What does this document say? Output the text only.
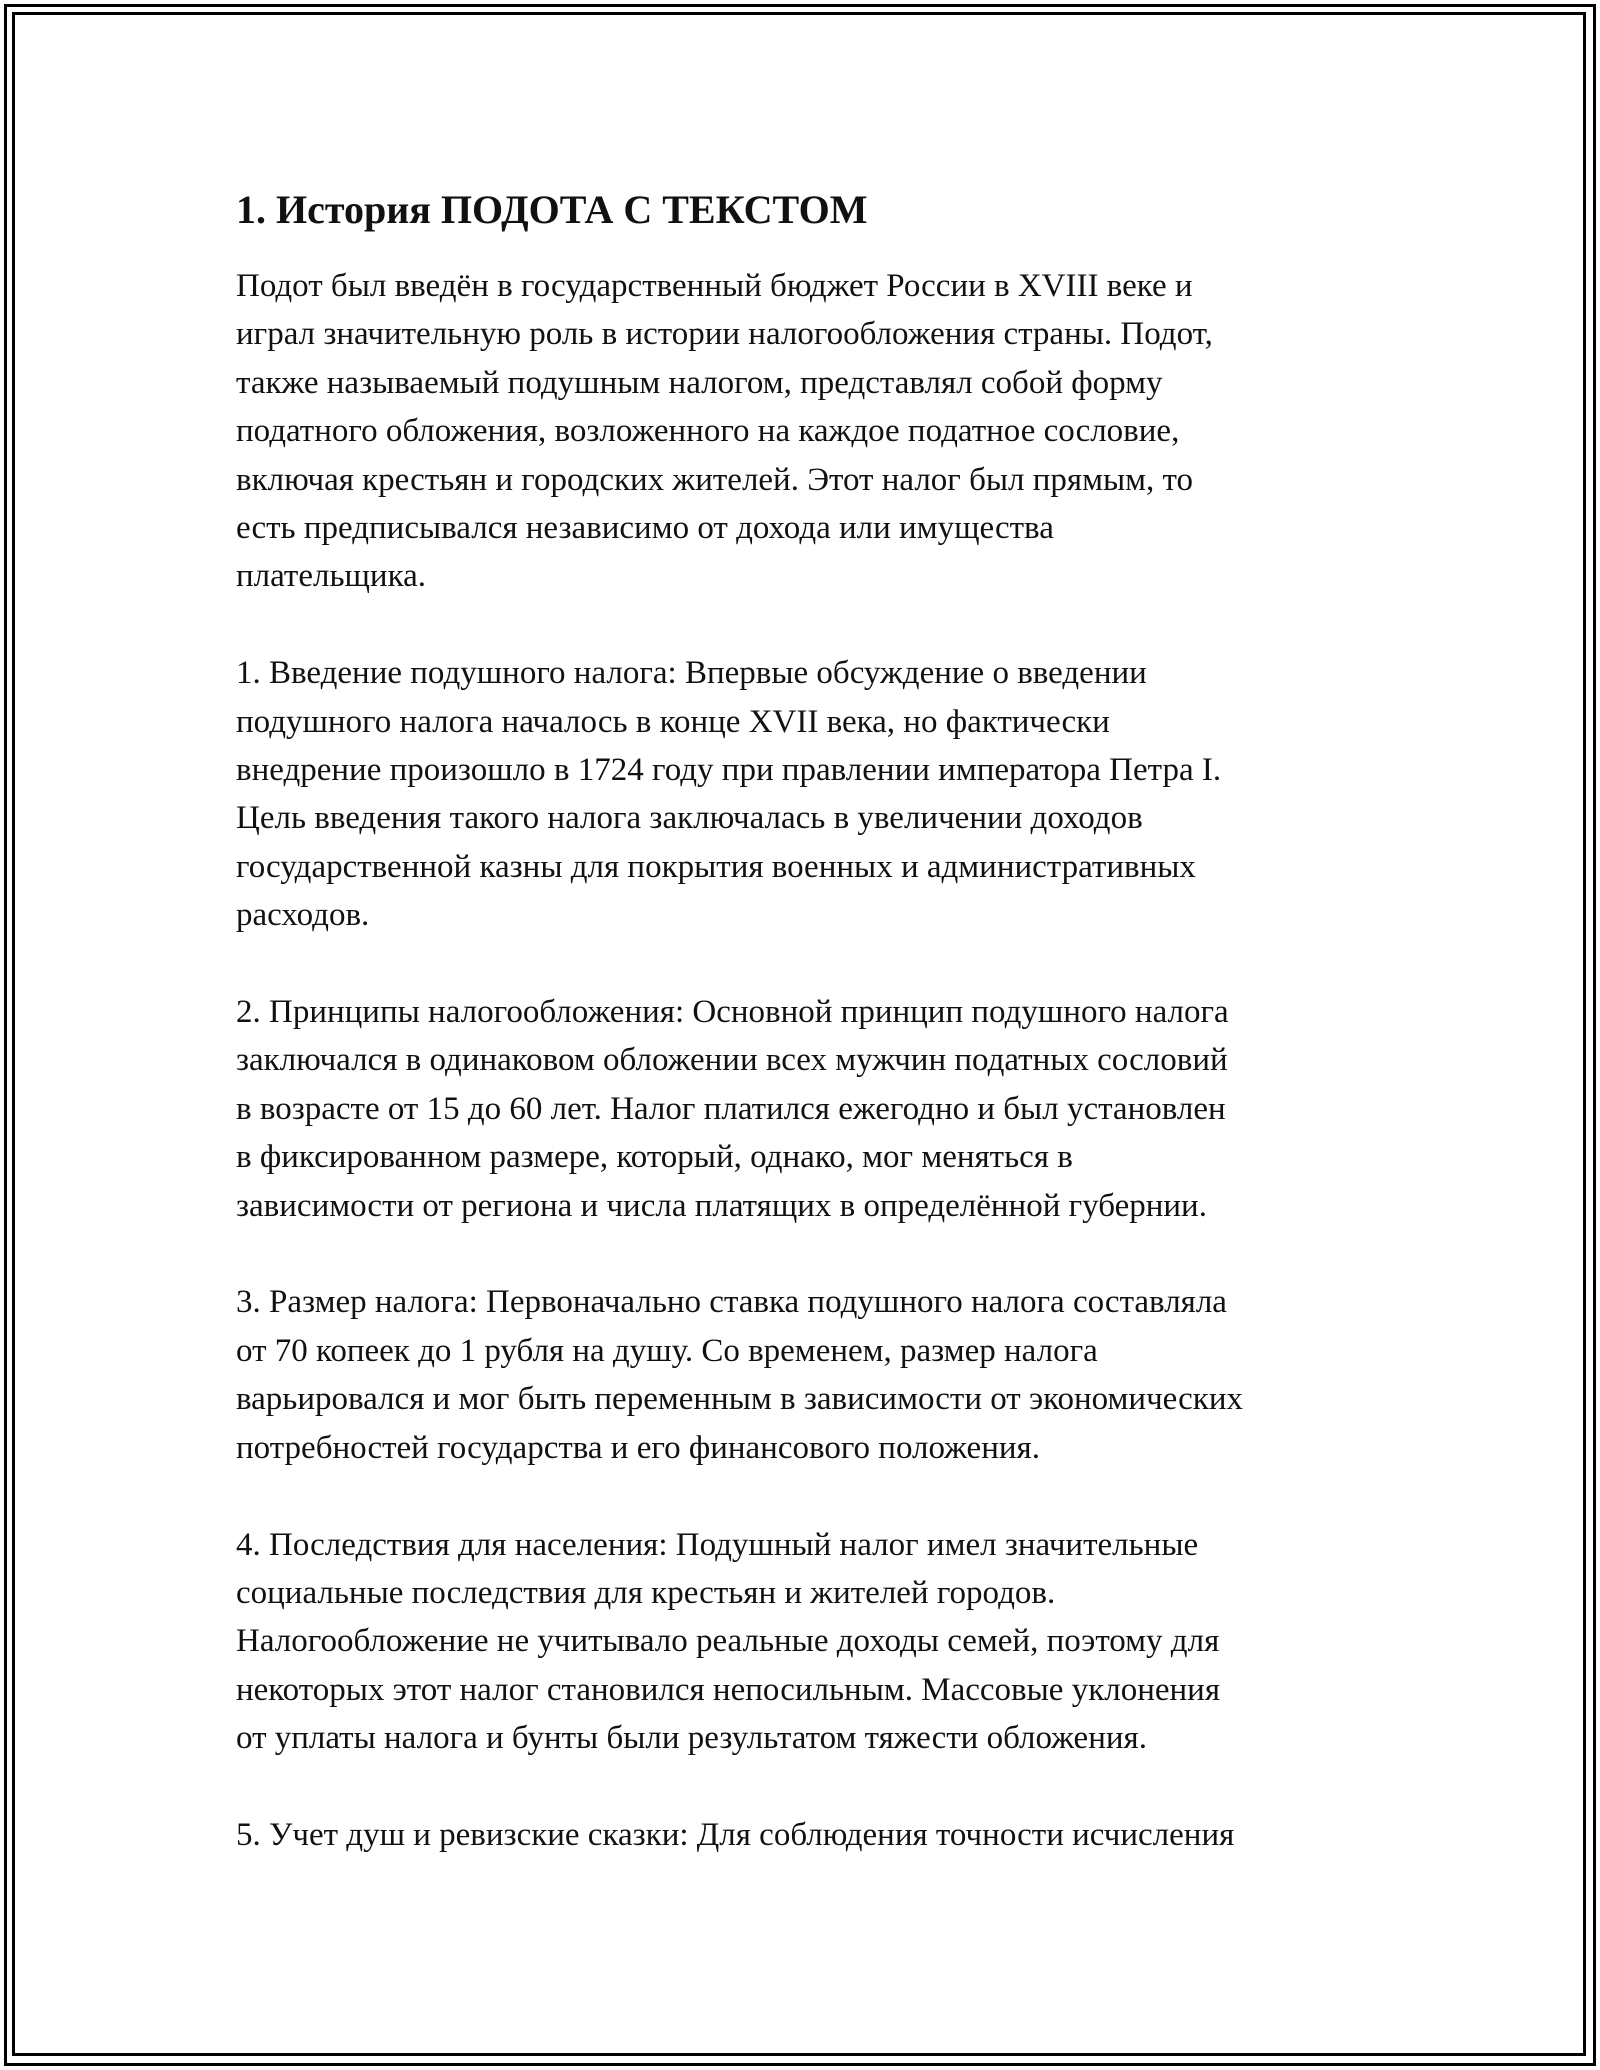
1. История ПОДОТА С ТЕКСТОМ
Подот был введён в государственный бюджет России в XVIII веке и
играл значительную роль в истории налогообложения страны. Подот,
также называемый подушным налогом, представлял собой форму
податного обложения, возложенного на каждое податное сословие,
включая крестьян и городских жителей. Этот налог был прямым, то
есть предписывался независимо от дохода или имущества
плательщика.
1. Введение подушного налога: Впервые обсуждение о введении
подушного налога началось в конце XVII века, но фактически
внедрение произошло в 1724 году при правлении императора Петра I.
Цель введения такого налога заключалась в увеличении доходов
государственной казны для покрытия военных и административных
расходов.
2. Принципы налогообложения: Основной принцип подушного налога
заключался в одинаковом обложении всех мужчин податных сословий
в возрасте от 15 до 60 лет. Налог платился ежегодно и был установлен
в фиксированном размере, который, однако, мог меняться в
зависимости от региона и числа платящих в определённой губернии.
3. Размер налога: Первоначально ставка подушного налога составляла
от 70 копеек до 1 рубля на душу. Со временем, размер налога
варьировался и мог быть переменным в зависимости от экономических
потребностей государства и его финансового положения.
4. Последствия для населения: Подушный налог имел значительные
социальные последствия для крестьян и жителей городов.
Налогообложение не учитывало реальные доходы семей, поэтому для
некоторых этот налог становился непосильным. Массовые уклонения
от уплаты налога и бунты были результатом тяжести обложения.
5. Учет душ и ревизские сказки: Для соблюдения точности исчисления
